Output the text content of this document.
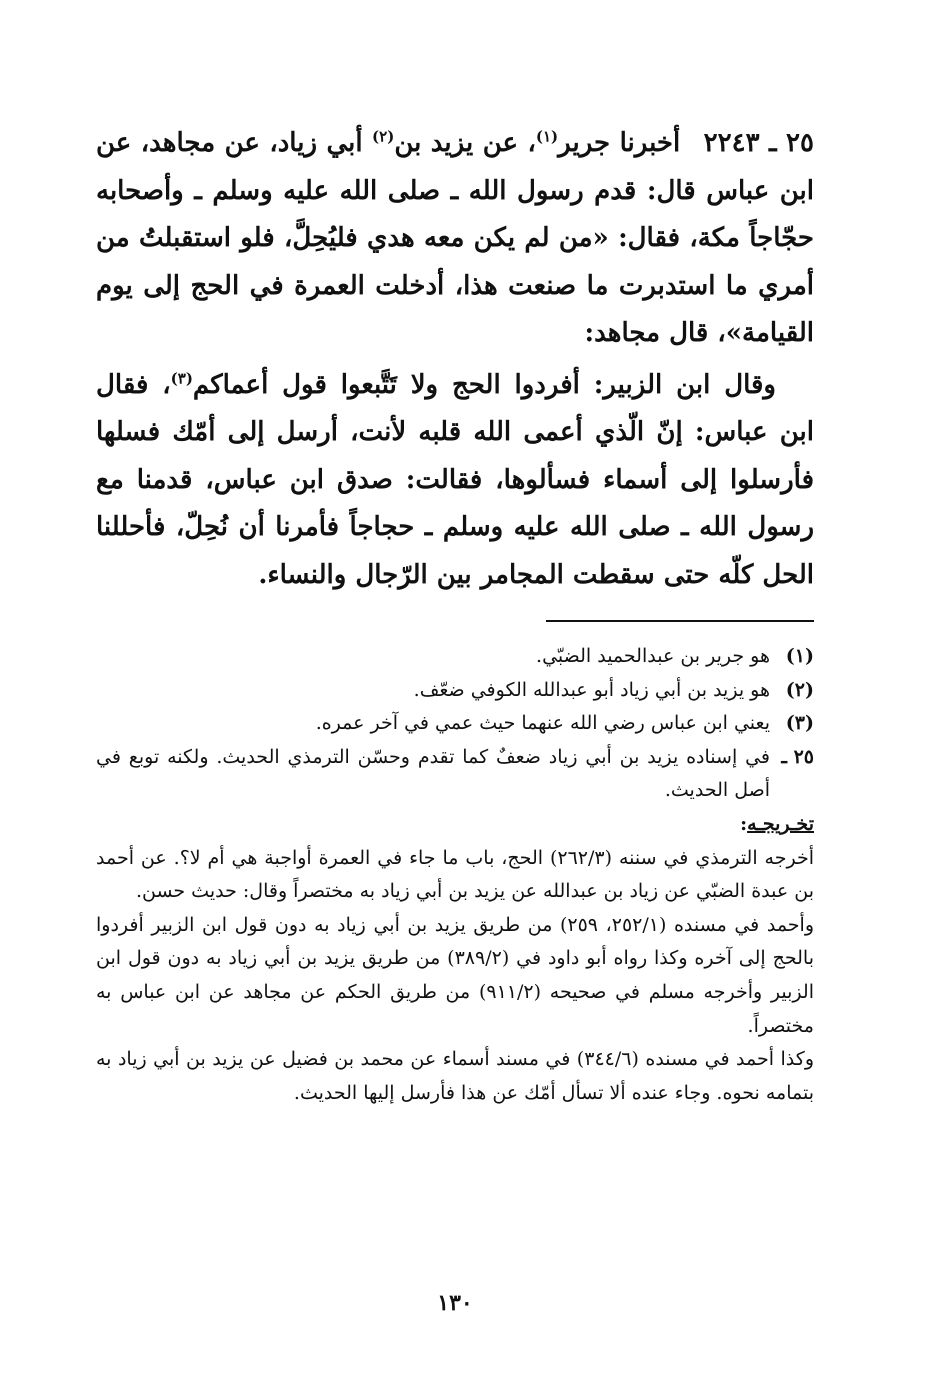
٢٥ ـ ٢٢٤٣ أخبرنا جرير$^{(١)}$، عن يزيد بن$^{(٢)}$ أبي زياد، عن مجاهد، عن ابن عباس قال: قدم رسول الله ـ صلى الله عليه وسلم ـ وأصحابه حجّاجاً مكة، فقال: «من لم يكن معه هدي فليُحِلَّ، فلو استقبلتُ من أمري ما استدبرت ما صنعت هذا، أدخلت العمرة في الحج إلى يوم القيامة»، قال مجاهد:

وقال ابن الزبير: أفردوا الحج ولا تَتَّبعوا قول أعماكم$^{(٣)}$، فقال ابن عباس: إنّ الّذي أعمى الله قلبه لأنت، أرسل إلى أمّك فسلها فأرسلوا إلى أسماء فسألوها، فقالت: صدق ابن عباس، قدمنا مع رسول الله ـ صلى الله عليه وسلم ـ حجاجاً فأمرنا أن نُحِلّ، فأحللنا الحل كلّه حتى سقطت المجامر بين الرّجال والنساء.

(١)
هو جرير بن عبدالحميد الضبّي.
(٢)
هو يزيد بن أبي زياد أبو عبدالله الكوفي ضعّف.
(٣)
يعني ابن عباس رضي الله عنهما حيث عمي في آخر عمره.
٢٥ ـ
في إسناده يزيد بن أبي زياد ضعفٌ كما تقدم وحسّن الترمذي الحديث. ولكنه توبع في أصل الحديث.
تخـريجـه:

أخرجه الترمذي في سننه (٢٦٢/٣) الحج، باب ما جاء في العمرة أواجبة هي أم لا؟. عن أحمد بن عبدة الضبّي عن زياد بن عبدالله عن يزيد بن أبي زياد به مختصراً وقال: حديث حسن.

وأحمد في مسنده (٢٥٢/١، ٢٥٩) من طريق يزيد بن أبي زياد به دون قول ابن الزبير أفردوا بالحج إلى آخره وكذا رواه أبو داود في (٣٨٩/٢) من طريق يزيد بن أبي زياد به دون قول ابن الزبير وأخرجه مسلم في صحيحه (٩١١/٢) من طريق الحكم عن مجاهد عن ابن عباس به مختصراً.

وكذا أحمد في مسنده (٣٤٤/٦) في مسند أسماء عن محمد بن فضيل عن يزيد بن أبي زياد به بتمامه نحوه. وجاء عنده ألا تسأل أمّك عن هذا فأرسل إليها الحديث.

١٣٠
